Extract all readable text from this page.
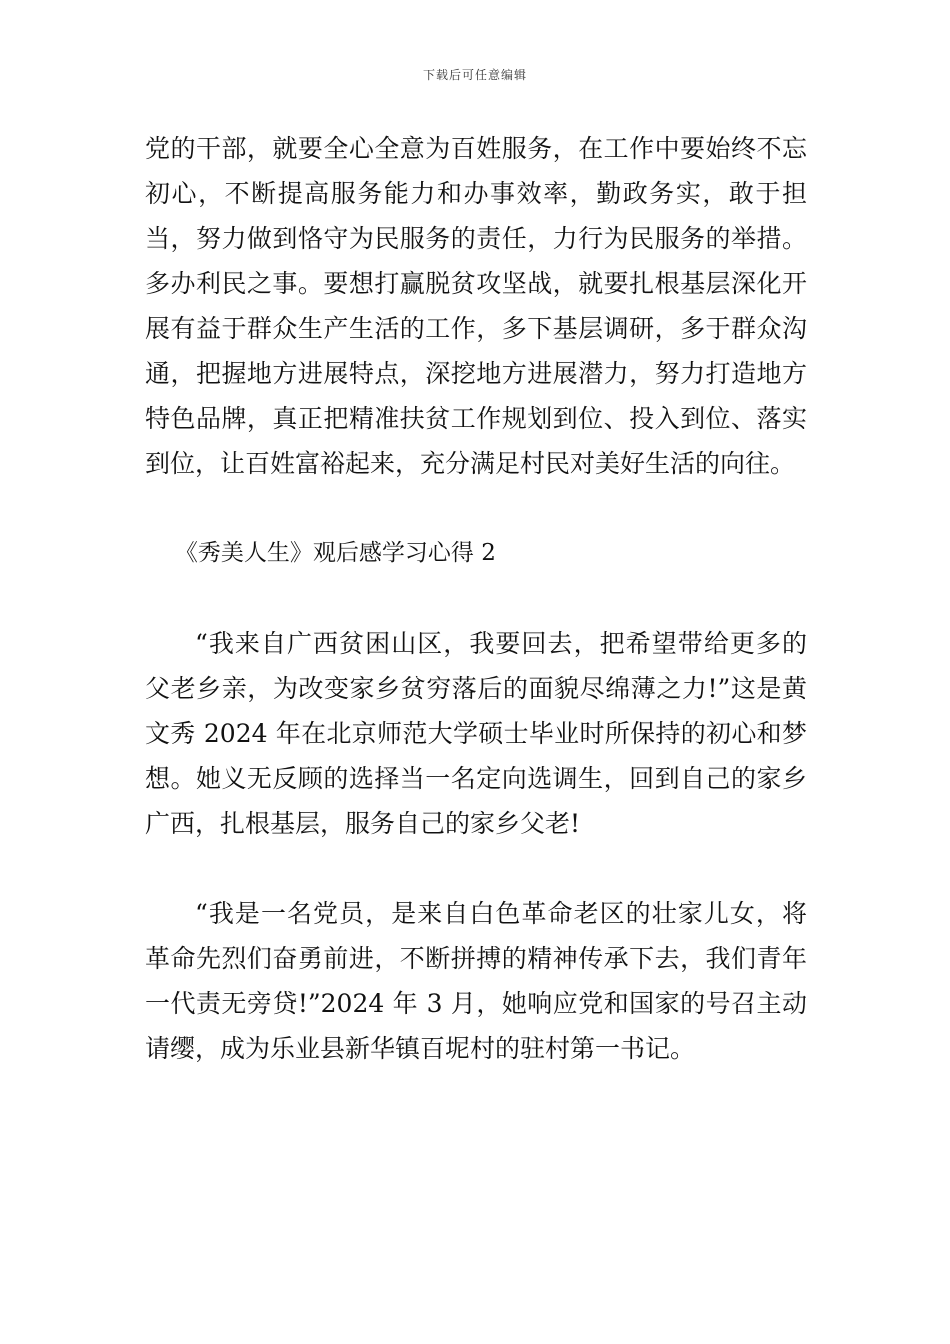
下载后可任意编辑

党的干部，就要全心全意为百姓服务，在工作中要始终不忘初心，不断提高服务能力和办事效率，勤政务实，敢于担当，努力做到恪守为民服务的责任，力行为民服务的举措。多办利民之事。要想打赢脱贫攻坚战，就要扎根基层深化开展有益于群众生产生活的工作，多下基层调研，多于群众沟通，把握地方进展特点，深挖地方进展潜力，努力打造地方特色品牌，真正把精准扶贫工作规划到位、投入到位、落实到位，让百姓富裕起来，充分满足村民对美好生活的向往。

《秀美人生》观后感学习心得 2

“我来自广西贫困山区，我要回去，把希望带给更多的父老乡亲，为改变家乡贫穷落后的面貌尽绵薄之力!”这是黄文秀 2024 年在北京师范大学硕士毕业时所保持的初心和梦想。她义无反顾的选择当一名定向选调生，回到自己的家乡广西，扎根基层，服务自己的家乡父老!

“我是一名党员，是来自白色革命老区的壮家儿女，将革命先烈们奋勇前进，不断拼搏的精神传承下去，我们青年一代责无旁贷!”2024 年 3 月，她响应党和国家的号召主动请缨，成为乐业县新华镇百坭村的驻村第一书记。
